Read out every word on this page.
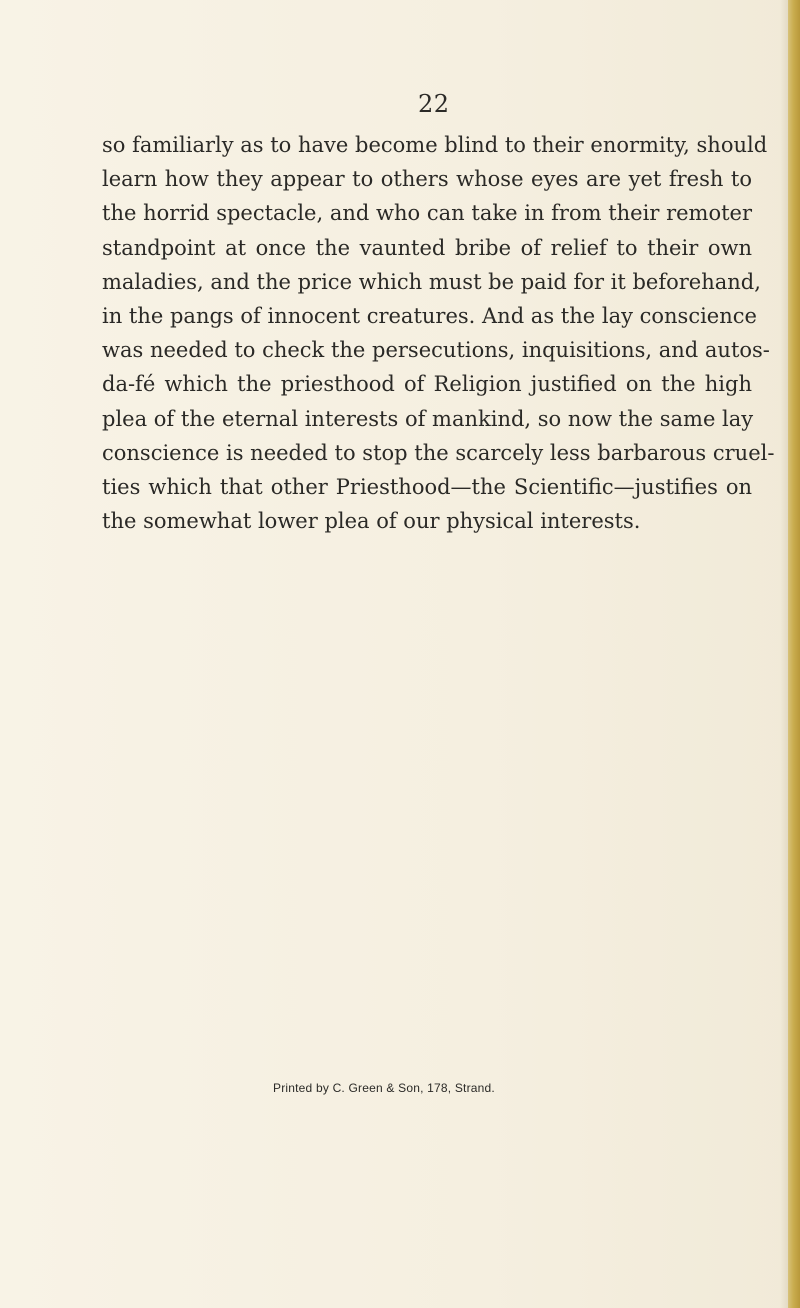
22

so familiarly as to have become blind to their enormity, should
learn how they appear to others whose eyes are yet fresh to
the horrid spectacle, and who can take in from their remoter
standpoint at once the vaunted bribe of relief to their own
maladies, and the price which must be paid for it beforehand,
in the pangs of innocent creatures. And as the lay conscience
was needed to check the persecutions, inquisitions, and autos-
da-fé which the priesthood of Religion justified on the high
plea of the eternal interests of mankind, so now the same lay
conscience is needed to stop the scarcely less barbarous cruel-
ties which that other Priesthood—the Scientific—justifies on
the somewhat lower plea of our physical interests.

Printed by C. Green & Son, 178, Strand.
